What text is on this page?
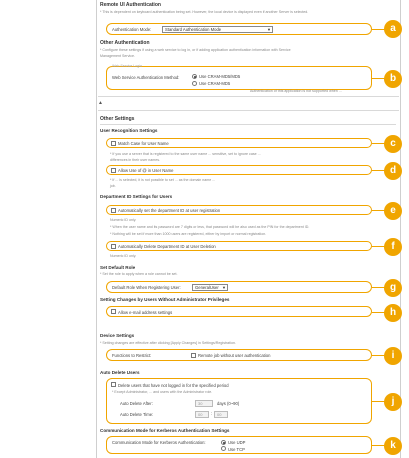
Remote UI Authentication
* This is dependent on keyboard authentication being set. However, the local device is displayed even if another Server is selected.
Authentication Mode:	Standard Authentication Mode	▼	a
Other Authentication
* Configure these settings if using a web service to log in, or if adding application authentication information with Service
Management Service.
Web Service Login
Web Service Authentication Method:	Use CRAM-MD5/MD5
Use CRAM-MD5
Authentication of this application is not supported when ...
b
▲
Other Settings
User Recognition Settings
Match Case for User Name
* If you use a server that is registered to the same user name ... sensitive, set to ignore case ...
differences in their user names.
c
Allow Use of @ in User Name
* If ... is selected, it is not possible to set ... as the domain name ...
job.
d
Department ID Settings for Users
Automatically set the department ID at user registration
Numeric ID only.
* When the user name and its password are 7 digits or less, that password will be also used as the PIN for the department ID.
* Nothing will be set if more than 1000 users are registered, either by import or normal registration.
e
Automatically Delete Department ID at User Deletion
Numeric ID only.
f
Set Default Role
* Set the role to apply when a role cannot be set.
Default Role When Registering User:	GeneralUser ▼	g
Setting Changes by Users Without Administrator Privileges
Allow e-mail address settings	h
Device Settings
* Setting changes are effective after clicking [Apply Changes] in Settings/Registration.
Functions to Restrict:	Remote job without user authentication	i
Auto Delete Users
Delete users that have not logged in for the specified period
* Except Administrator, ... and users with the Administrator role.
Auto Delete After:	30	days (0~90)
Auto Delete Time:	00	:	00
j
Communication Mode for Kerberos Authentication Settings
Communication Mode for Kerberos Authentication:	Use UDP
Use TCP	k
